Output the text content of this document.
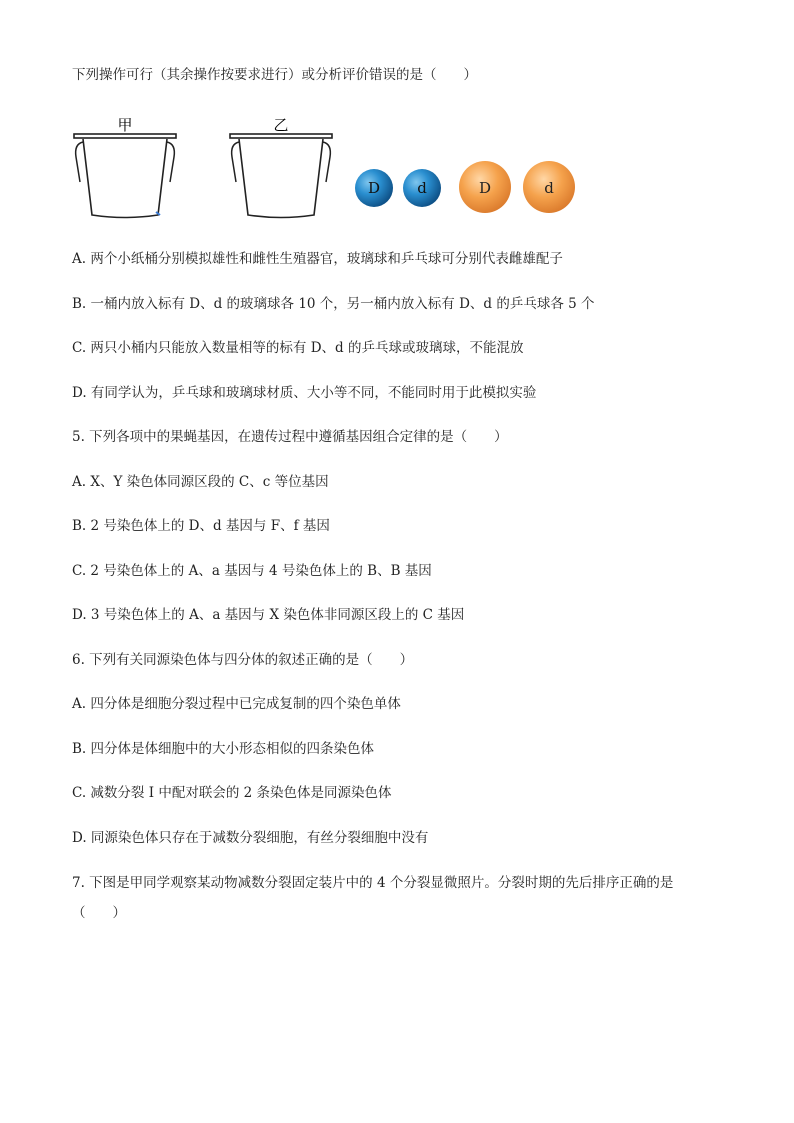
下列操作可行（其余操作按要求进行）或分析评价错误的是（　　）
甲	乙
D d	D	d
A. 两个小纸桶分别模拟雄性和雌性生殖器官，玻璃球和乒乓球可分别代表雌雄配子
B. 一桶内放入标有 D、d 的玻璃球各 10 个，另一桶内放入标有 D、d 的乒乓球各 5 个
C. 两只小桶内只能放入数量相等的标有 D、d 的乒乓球或玻璃球，不能混放
D. 有同学认为，乒乓球和玻璃球材质、大小等不同，不能同时用于此模拟实验
5. 下列各项中的果蝇基因，在遗传过程中遵循基因组合定律的是（　　）
A. X、Y 染色体同源区段的 C、c 等位基因
B. 2 号染色体上的 D、d 基因与 F、f 基因
C. 2 号染色体上的 A、a 基因与 4 号染色体上的 B、B 基因
D. 3 号染色体上的 A、a 基因与 X 染色体非同源区段上的 C 基因
6. 下列有关同源染色体与四分体的叙述正确的是（　　）
A. 四分体是细胞分裂过程中已完成复制的四个染色单体
B. 四分体是体细胞中的大小形态相似的四条染色体
C. 减数分裂 I 中配对联会的 2 条染色体是同源染色体
D. 同源染色体只存在于减数分裂细胞，有丝分裂细胞中没有
7. 下图是甲同学观察某动物减数分裂固定装片中的 4 个分裂显微照片。分裂时期的先后排序正确的是
（　　）
